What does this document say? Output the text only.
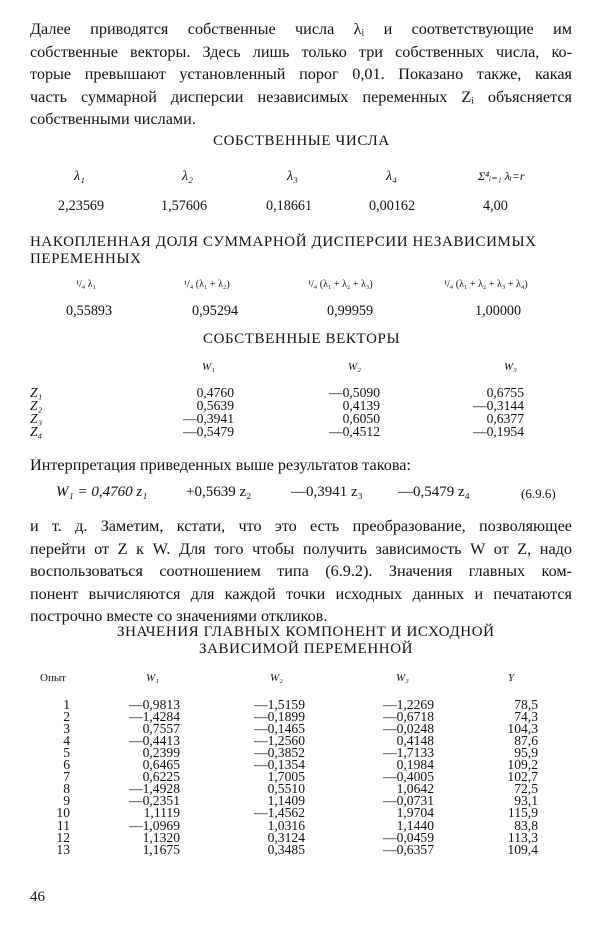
Далее приводятся собственные числа λᵢ и соответствующие им
собственные векторы. Здесь лишь только три собственных числа, ко-
торые превышают установленный порог 0,01. Показано также, какая
часть суммарной дисперсии независимых переменных Zᵢ объясняется
собственными числами.
СОБСТВЕННЫЕ ЧИСЛА
λ₁	λ₂	λ₃	λ₄	Σ⁴ᵢ₌₁ λᵢ=r
2,23569	1,57606	0,18661	0,00162	4,00
НАКОПЛЕННАЯ ДОЛЯ СУММАРНОЙ ДИСПЕРСИИ НЕЗАВИСИМЫХ
ПЕРЕМЕННЫХ
¹/₄ λ₁	¹/₄ (λ₁ + λ₂)	¹/₄ (λ₁ + λ₂ + λ₃)	¹/₄ (λ₁ + λ₂ + λ₃ + λ₄)
0,55893	0,95294	0,99959	1,00000
СОБСТВЕННЫЕ ВЕКТОРЫ
W₁	W₂	W₃
Z₁	0,4760	—0,5090	0,6755
Z₂	0,5639	0,4139	—0,3144
Z₃	—0,3941	0,6050	0,6377
Z₄	—0,5479	—0,4512	—0,1954
Интерпретация приведенных выше результатов такова:
W₁ = 0,4760 z₁	+0,5639 z₂	—0,3941 z₃ —0,5479 z₄	(6.9.6)
и т. д. Заметим, кстати, что это есть преобразование, позволяющее
перейти от Z к W. Для того чтобы получить зависимость W от Z, надо
воспользоваться соотношением типа (6.9.2). Значения главных ком-
понент вычисляются для каждой точки исходных данных и печатаются
построчно вместе со значениями откликов.
ЗНАЧЕНИЯ ГЛАВНЫХ КОМПОНЕНТ И ИСХОДНОЙ
ЗАВИСИМОЙ ПЕРЕМЕННОЙ
Опыт	W₁	W₂	W₃	Y
1	—0,9813	—1,5159	—1,2269	78,5
2	—1,4284	—0,1899	—0,6718	74,3
3	0,7557	—0,1465	—0,0248	104,3
4	—0,4413	—1,2560	0,4148	87,6
5	0,2399	—0,3852	—1,7133	95,9
6	0,6465	—0,1354	0,1984	109,2
7	0,6225	1,7005	—0,4005	102,7
8	—1,4928	0,5510	1,0642	72,5
9	—0,2351	1,1409	—0,0731	93,1
10	1,1119	—1,4562	1,9704	115,9
11	—1,0969	1,0316	1,1440	83,8
12	1,1320	0,3124	—0,0459	113,3
13	1,1675	0,3485	—0,6357	109,4
46
